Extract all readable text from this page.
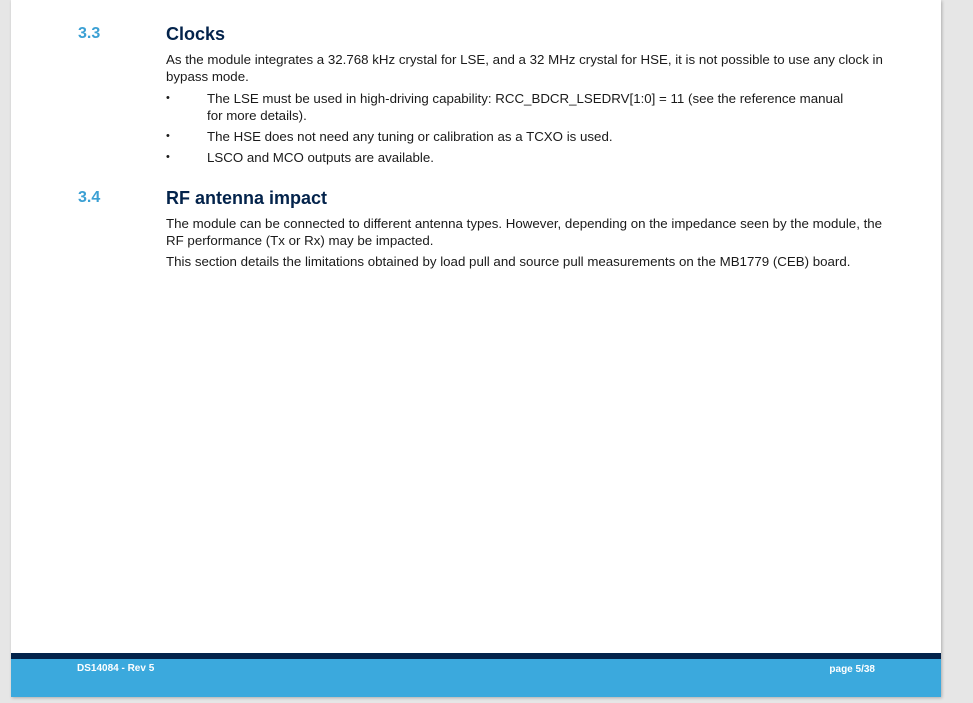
3.3	Clocks

As the module integrates a 32.768 kHz crystal for LSE, and a 32 MHz crystal for HSE, it is not possible to use any clock in bypass mode.

•	The LSE must be used in high-driving capability: RCC_BDCR_LSEDRV[1:0] = 11 (see the reference manual for more details).
•	The HSE does not need any tuning or calibration as a TCXO is used.
•	LSCO and MCO outputs are available.
3.4	RF antenna impact

The module can be connected to different antenna types. However, depending on the impedance seen by the module, the RF performance (Tx or Rx) may be impacted.

This section details the limitations obtained by load pull and source pull measurements on the MB1779 (CEB) board.

DS14084 - Rev 5	page 5/38
